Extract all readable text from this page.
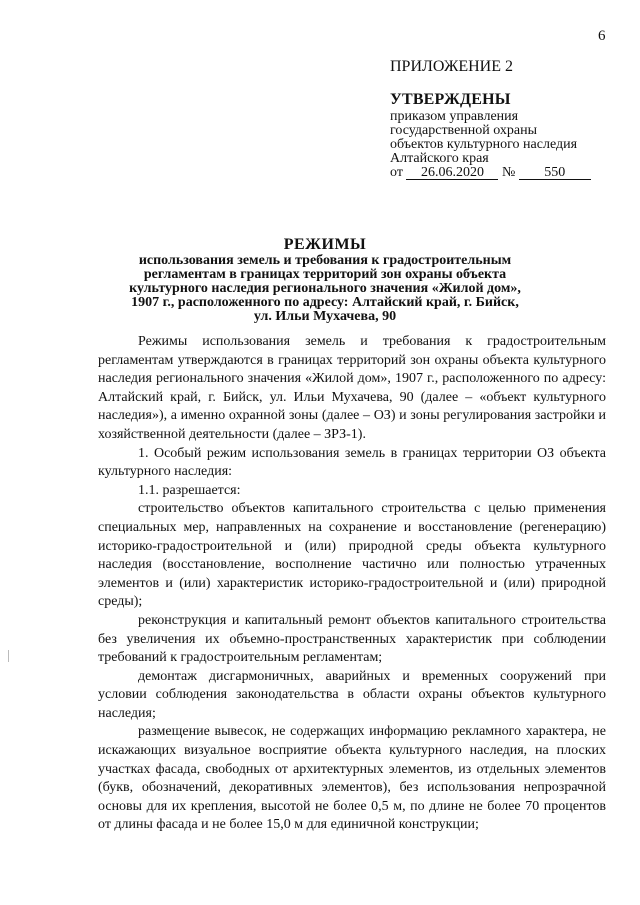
6
ПРИЛОЖЕНИЕ 2
УТВЕРЖДЕНЫ
приказом управления
государственной охраны
объектов культурного наследия
Алтайского края
от 26.06.2020 № 550
РЕЖИМЫ
использования земель и требования к градостроительным
регламентам в границах территорий зон охраны объекта
культурного наследия регионального значения «Жилой дом»,
1907 г., расположенного по адресу: Алтайский край, г. Бийск,
ул. Ильи Мухачева, 90

Режимы использования земель и требования к градостроительным регламентам утверждаются в границах территорий зон охраны объекта культурного наследия регионального значения «Жилой дом», 1907 г., расположенного по адресу: Алтайский край, г. Бийск, ул. Ильи Мухачева, 90 (далее – «объект культурного наследия»), а именно охранной зоны (далее – ОЗ) и зоны регулирования застройки и хозяйственной деятельности (далее – ЗРЗ-1).

1. Особый режим использования земель в границах территории ОЗ объекта культурного наследия:

1.1. разрешается:

строительство объектов капитального строительства с целью применения специальных мер, направленных на сохранение и восстановление (регенерацию) историко-градостроительной и (или) природной среды объекта культурного наследия (восстановление, восполнение частично или полностью утраченных элементов и (или) характеристик историко-градостроительной и (или) природной среды);

реконструкция и капитальный ремонт объектов капитального строительства без увеличения их объемно-пространственных характеристик при соблюдении требований к градостроительным регламентам;

демонтаж дисгармоничных, аварийных и временных сооружений при условии соблюдения законодательства в области охраны объектов культурного наследия;

размещение вывесок, не содержащих информацию рекламного характера, не искажающих визуальное восприятие объекта культурного наследия, на плоских участках фасада, свободных от архитектурных элементов, из отдельных элементов (букв, обозначений, декоративных элементов), без использования непрозрачной основы для их крепления, высотой не более 0,5 м, по длине не более 70 процентов от длины фасада и не более 15,0 м для единичной конструкции;
